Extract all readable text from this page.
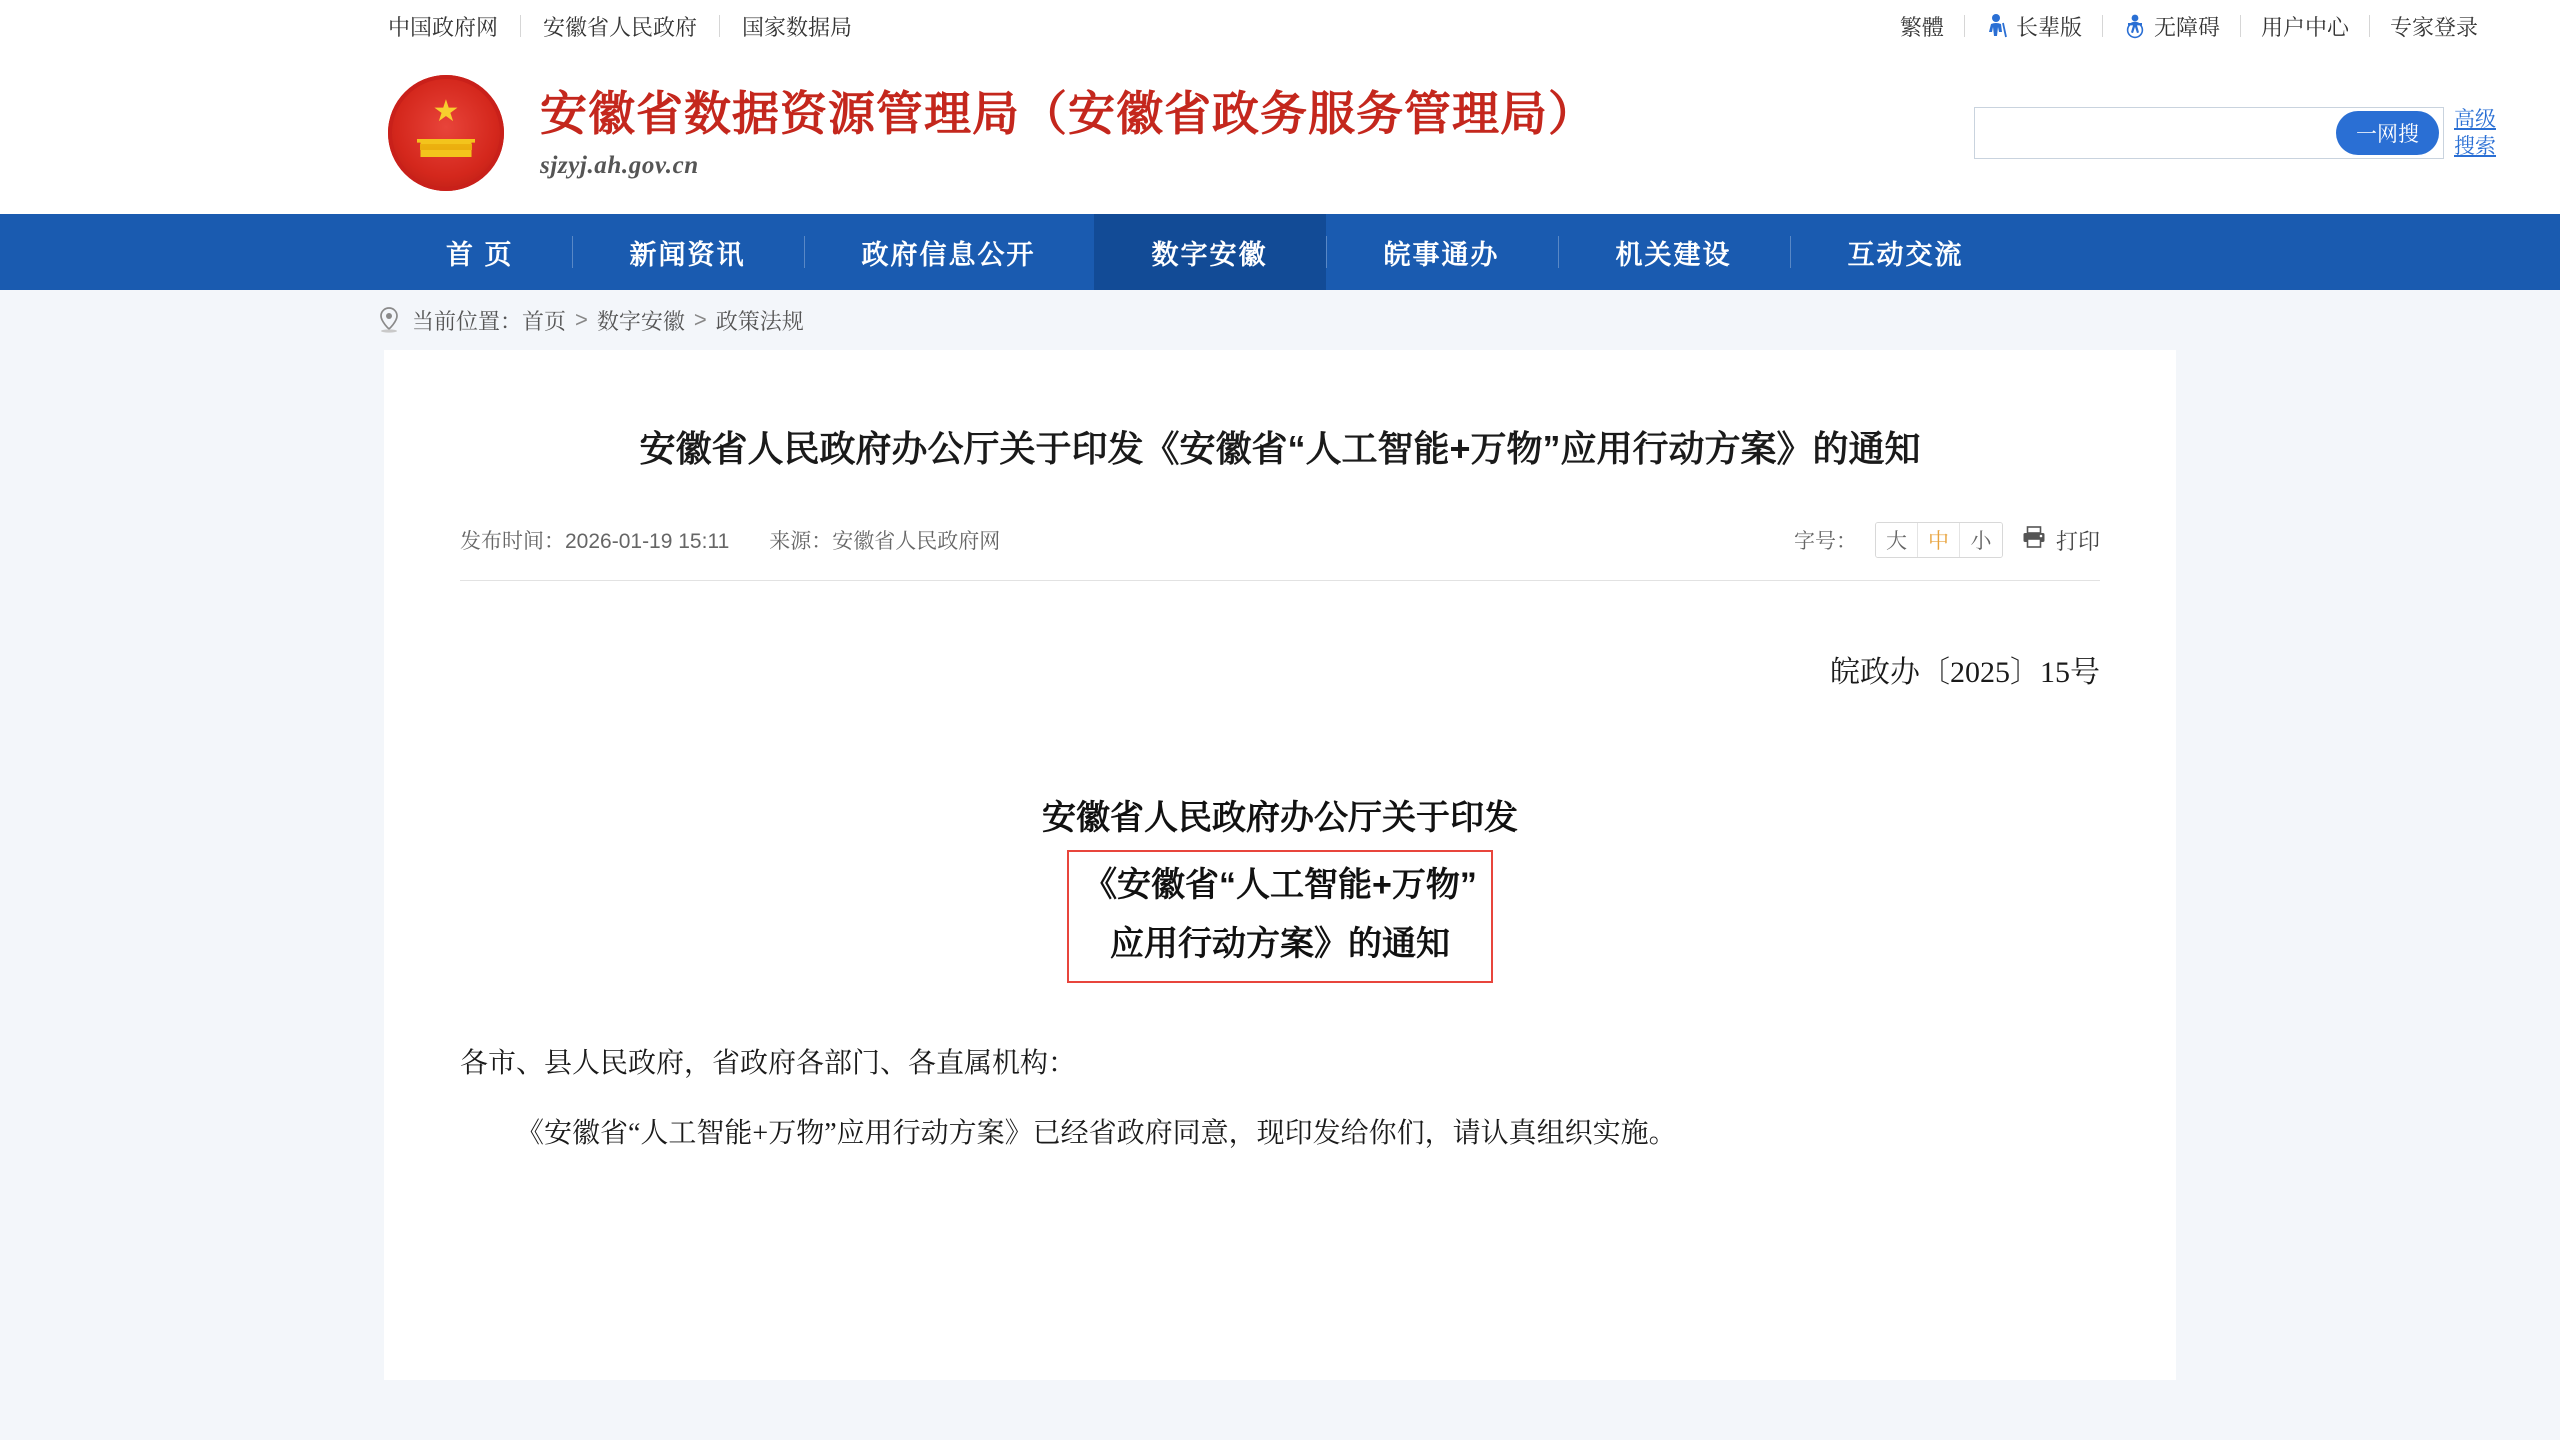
中国政府网	安徽省人民政府	国家数据局	繁體	长辈版	无障碍 用户中心 专家登录
★ 安徽省数据资源管理局（安徽省政务服务管理局）
sjzyj.ah.gov.cn
一网搜
高级
搜索
首 页	新闻资讯	政府信息公开	数字安徽	皖事通办	机关建设	互动交流
当前位置： 首页 > 数字安徽 > 政策法规
安徽省人民政府办公厅关于印发《安徽省“人工智能+万物”应用行动方案》的通知
发布时间：2026-01-19 15:11 来源：安徽省人民政府网	字号：	大	中	小	打印
皖政办〔2025〕15号
安徽省人民政府办公厅关于印发
《安徽省“人工智能+万物”
应用行动方案》的通知
各市、县人民政府，省政府各部门、各直属机构：
《安徽省“人工智能+万物”应用行动方案》已经省政府同意，现印发给你们，请认真组织实施。
